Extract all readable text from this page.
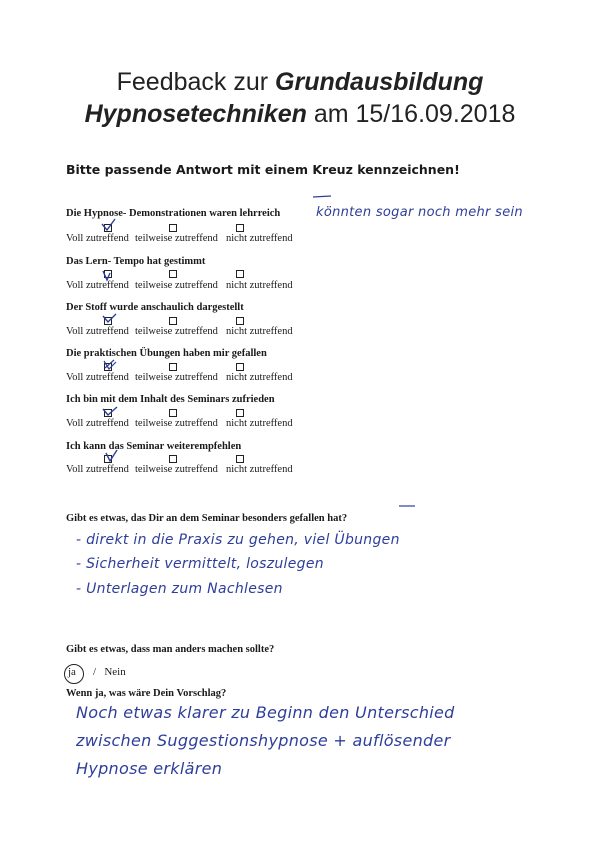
Feedback zur Grundausbildung
Hypnosetechniken am 15/16.09.2018
Bitte passende Antwort mit einem Kreuz kennzeichnen!
Die Hypnose- Demonstrationen waren lehrreich
Voll zutreffend teilweise zutreffend nicht zutreffend
Das Lern- Tempo hat gestimmt
Voll zutreffend teilweise zutreffend nicht zutreffend
Der Stoff wurde anschaulich dargestellt
Voll zutreffend teilweise zutreffend nicht zutreffend
Die praktischen Übungen haben mir gefallen
Voll zutreffend teilweise zutreffend nicht zutreffend
Ich bin mit dem Inhalt des Seminars zufrieden
Voll zutreffend teilweise zutreffend nicht zutreffend
Ich kann das Seminar weiterempfehlen
Voll zutreffend teilweise zutreffend nicht zutreffend
könnten sogar noch mehr sein
Gibt es etwas, das Dir an dem Seminar besonders gefallen hat?
- direkt in die Praxis zu gehen, viel Übungen
- Sicherheit vermittelt, loszulegen
- Unterlagen zum Nachlesen
Gibt es etwas, dass man anders machen sollte?
ja / Nein
Wenn ja, was wäre Dein Vorschlag?
Noch etwas klarer zu Beginn den Unterschied
zwischen Suggestionshypnose + auflösender
Hypnose erklären
